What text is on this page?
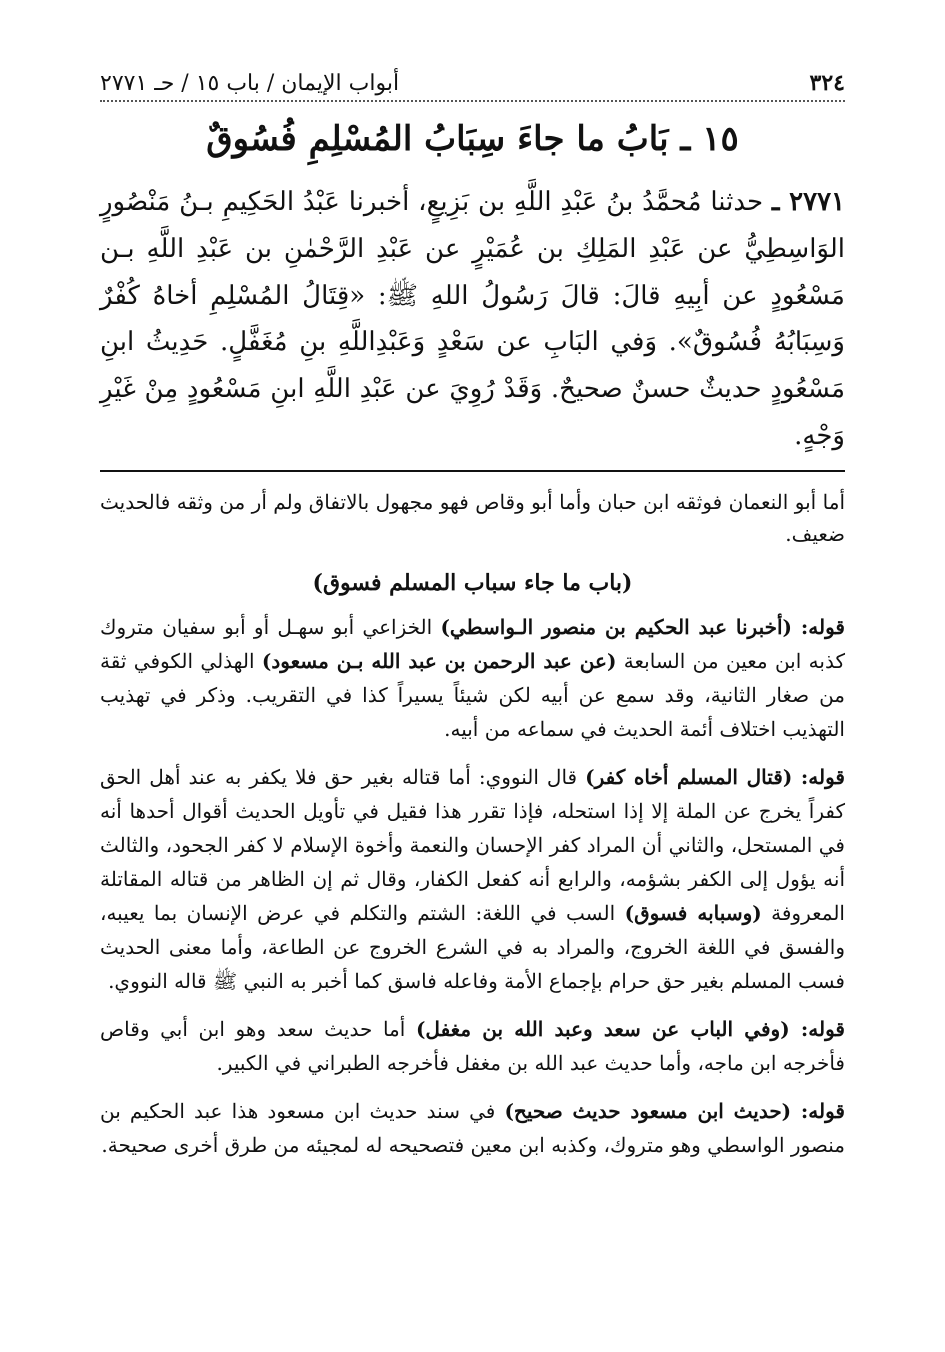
٣٢٤
أبواب الإيمان / باب ١٥ / حـ ٢٧٧١
١٥ ـ بَابُ ما جاءَ سِبَابُ المُسْلِمِ فُسُوقٌ

٢٧٧١ ـ حدثنا مُحمَّدُ بنُ عَبْدِ اللَّهِ بن بَزِيعٍ، أخبرنا عَبْدُ الحَكِيمِ بـنُ مَنْصُورٍ الوَاسِطِيُّ عن عَبْدِ المَلِكِ بن عُمَيْرٍ عن عَبْدِ الرَّحْمٰنِ بن عَبْدِ اللَّهِ بـن مَسْعُودٍ عن أبِيهِ قالَ: قالَ رَسُولُ اللهِ ﷺ: «قِتَالُ المُسْلِمِ أخاهُ كُفْرٌ وَسِبَابُهُ فُسُوقٌ». وَفي البَابِ عن سَعْدٍ وَعَبْدِاللَّهِ بنِ مُغَفَّلٍ. حَدِيثُ ابنِ مَسْعُودٍ حديثٌ حسنٌ صحيحٌ. وَقَدْ رُوِيَ عن عَبْدِ اللَّهِ ابنِ مَسْعُودٍ مِنْ غَيْرِ وَجْهٍ.

أما أبو النعمان فوثقه ابن حبان وأما أبو وقاص فهو مجهول بالاتفاق ولم أر من وثقه فالحديث ضعيف.

(باب ما جاء سباب المسلم فسوق)

قوله: (أخبرنا عبد الحكيم بن منصور الـواسطي) الخزاعي أبو سهـل أو أبو سفيان متروك كذبه ابن معين من السابعة (عن عبد الرحمن بن عبد الله بـن مسعود) الهذلي الكوفي ثقة من صغار الثانية، وقد سمع عن أبيه لكن شيئاً يسيراً كذا في التقريب. وذكر في تهذيب التهذيب اختلاف أئمة الحديث في سماعه من أبيه.

قوله: (قتال المسلم أخاه كفر) قال النووي: أما قتاله بغير حق فلا يكفر به عند أهل الحق كفراً يخرج عن الملة إلا إذا استحله، فإذا تقرر هذا فقيل في تأويل الحديث أقوال أحدها أنه في المستحل، والثاني أن المراد كفر الإحسان والنعمة وأخوة الإسلام لا كفر الجحود، والثالث أنه يؤول إلى الكفر بشؤمه، والرابع أنه كفعل الكفار، وقال ثم إن الظاهر من قتاله المقاتلة المعروفة (وسبابه فسوق) السب في اللغة: الشتم والتكلم في عرض الإنسان بما يعيبه، والفسق في اللغة الخروج، والمراد به في الشرع الخروج عن الطاعة، وأما معنى الحديث فسب المسلم بغير حق حرام بإجماع الأمة وفاعله فاسق كما أخبر به النبي ﷺ قاله النووي.

قوله: (وفي الباب عن سعد وعبد الله بن مغفل) أما حديث سعد وهو ابن أبي وقاص فأخرجه ابن ماجه، وأما حديث عبد الله بن مغفل فأخرجه الطبراني في الكبير.

قوله: (حديث ابن مسعود حديث صحيح) في سند حديث ابن مسعود هذا عبد الحكيم بن منصور الواسطي وهو متروك، وكذبه ابن معين فتصحيحه له لمجيئه من طرق أخرى صحيحة.
